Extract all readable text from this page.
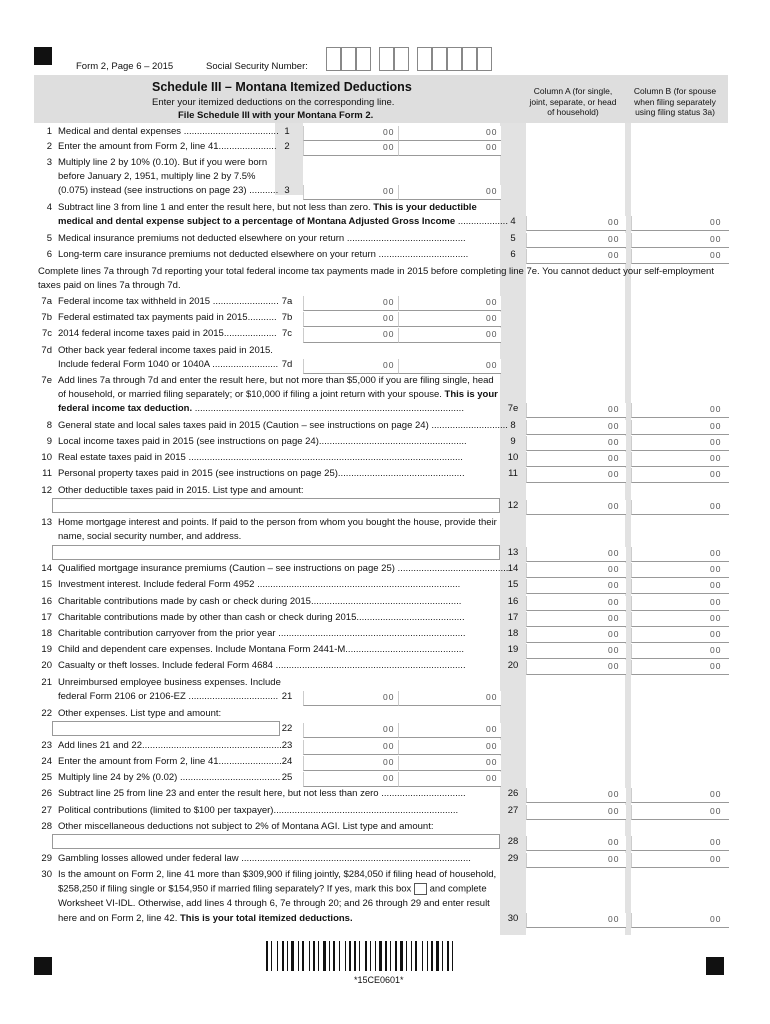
Form 2, Page 6 – 2015	Social Security Number:
Schedule III – Montana Itemized Deductions
Enter your itemized deductions on the corresponding line.
File Schedule III with your Montana Form 2.
Column A (for single, joint, separate, or head of household)
Column B (for spouse when filing separately using filing status 3a)
1 Medical and dental expenses .................................... 1	00	00
2 Enter the amount from Form 2, line 41...................... 2	00	00
3 Multiply line 2 by 10% (0.10). But if you were born
before January 2, 1951, multiply line 2 by 7.5%
(0.075) instead (see instructions on page 23) ........... 3	00	00
4 Subtract line 3 from line 1 and enter the result here, but not less than zero. This is your deductible
medical and dental expense subject to a percentage of Montana Adjusted Gross Income ................... 4	00	00
5 Medical insurance premiums not deducted elsewhere on your return .............................................	5	00	00
6 Long-term care insurance premiums not deducted elsewhere on your return ..................................	6	00	00
Complete lines 7a through 7d reporting your total federal income tax payments made in 2015 before completing line 7e. You cannot deduct your self-employment
taxes paid on lines 7a through 7d.
7a Federal income tax withheld in 2015 ......................... 7a	00	00
7b Federal estimated tax payments paid in 2015........... 7b	00	00
7c 2014 federal income taxes paid in 2015.................... 7c	00	00
7d Other back year federal income taxes paid in 2015.
Include federal Form 1040 or 1040A ......................... 7d	00	00
7e Add lines 7a through 7d and enter the result here, but not more than $5,000 if you are filing single, head
of household, or married filing separately; or $10,000 if filing a joint return with your spouse. This is your
federal income tax deduction. ......................................................................................................	7e	00	00
8 General state and local sales taxes paid in 2015 (Caution – see instructions on page 24) ............................. 8	00	00
9 Local income taxes paid in 2015 (see instructions on page 24)........................................................	9	00	00
10 Real estate taxes paid in 2015 ........................................................................................................	10	00	00
11 Personal property taxes paid in 2015 (see instructions on page 25)................................................	11	00	00
12 Other deductible taxes paid in 2015. List type and amount:
12	00	00
13 Home mortgage interest and points. If paid to the person from whom you bought the house, provide their
name, social security number, and address.
13	00	00
14 Qualified mortgage insurance premiums (Caution – see instructions on page 25) .......................................... 14	00	00
15 Investment interest. Include federal Form 4952 .............................................................................	15	00	00
16 Charitable contributions made by cash or check during 2015.........................................................	16	00	00
17 Charitable contributions made by other than cash or check during 2015.........................................	17	00	00
18 Charitable contribution carryover from the prior year .......................................................................	18	00	00
19 Child and dependent care expenses. Include Montana Form 2441-M.............................................	19	00	00
20 Casualty or theft losses. Include federal Form 4684 ........................................................................	20	00	00
21 Unreimbursed employee business expenses. Include
federal Form 2106 or 2106-EZ .................................. 21	00	00
22 Other expenses. List type and amount:
22	00	00
23 Add lines 21 and 22..................................................... 23	00	00
24 Enter the amount from Form 2, line 41........................ 24	00	00
25 Multiply line 24 by 2% (0.02) ...................................... 25	00	00
26 Subtract line 25 from line 23 and enter the result here, but not less than zero ................................	26	00	00
27 Political contributions (limited to $100 per taxpayer)......................................................................	27	00	00
28 Other miscellaneous deductions not subject to 2% of Montana AGI. List type and amount:
28	00	00
29 Gambling losses allowed under federal law .......................................................................................	29	00	00
30 Is the amount on Form 2, line 41 more than $309,900 if filing jointly, $284,050 if filing head of household,
$258,250 if filing single or $154,950 if married filing separately? If yes, mark this box and complete
Worksheet VI-IDL. Otherwise, add lines 4 through 6, 7e through 20; and 26 through 29 and enter result
here and on Form 2, line 42. This is your total itemized deductions.	30	00	00
*15CE0601*
